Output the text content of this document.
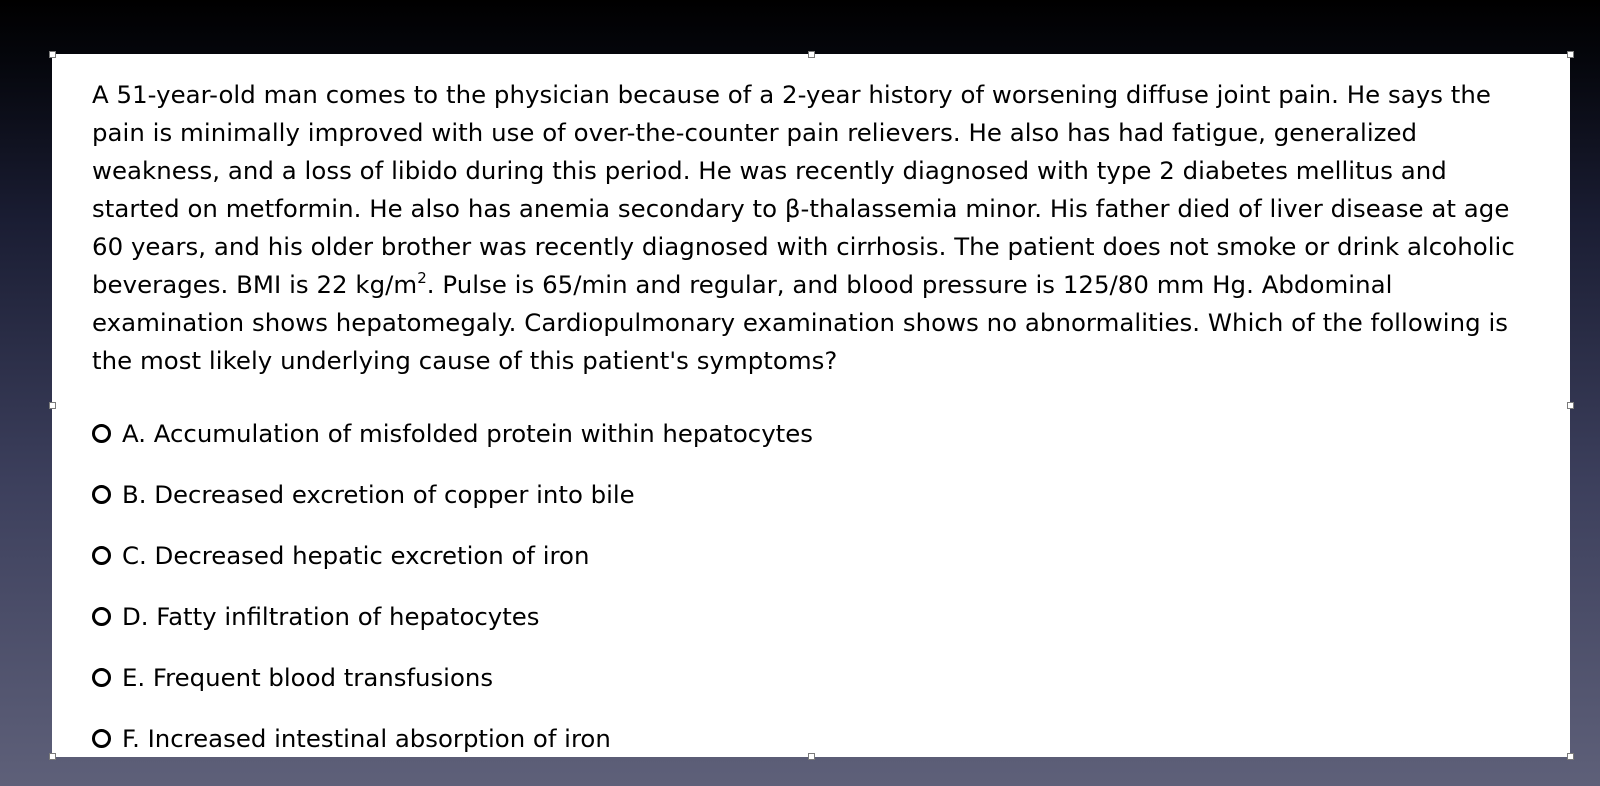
A 51-year-old man comes to the physician because of a 2-year history of worsening diffuse joint pain. He says the pain is minimally improved with use of over-the-counter pain relievers. He also has had fatigue, generalized weakness, and a loss of libido during this period. He was recently diagnosed with type 2 diabetes mellitus and started on metformin. He also has anemia secondary to β-thalassemia minor. His father died of liver disease at age 60 years, and his older brother was recently diagnosed with cirrhosis. The patient does not smoke or drink alcoholic beverages. BMI is 22 $kg/m^2$. Pulse is 65/min and regular, and blood pressure is 125/80 mm Hg. Abdominal examination shows hepatomegaly. Cardiopulmonary examination shows no abnormalities. Which of the following is the most likely underlying cause of this patient's symptoms?

A. Accumulation of misfolded protein within hepatocytes
B. Decreased excretion of copper into bile
C. Decreased hepatic excretion of iron
D. Fatty infiltration of hepatocytes
E. Frequent blood transfusions
F. Increased intestinal absorption of iron
